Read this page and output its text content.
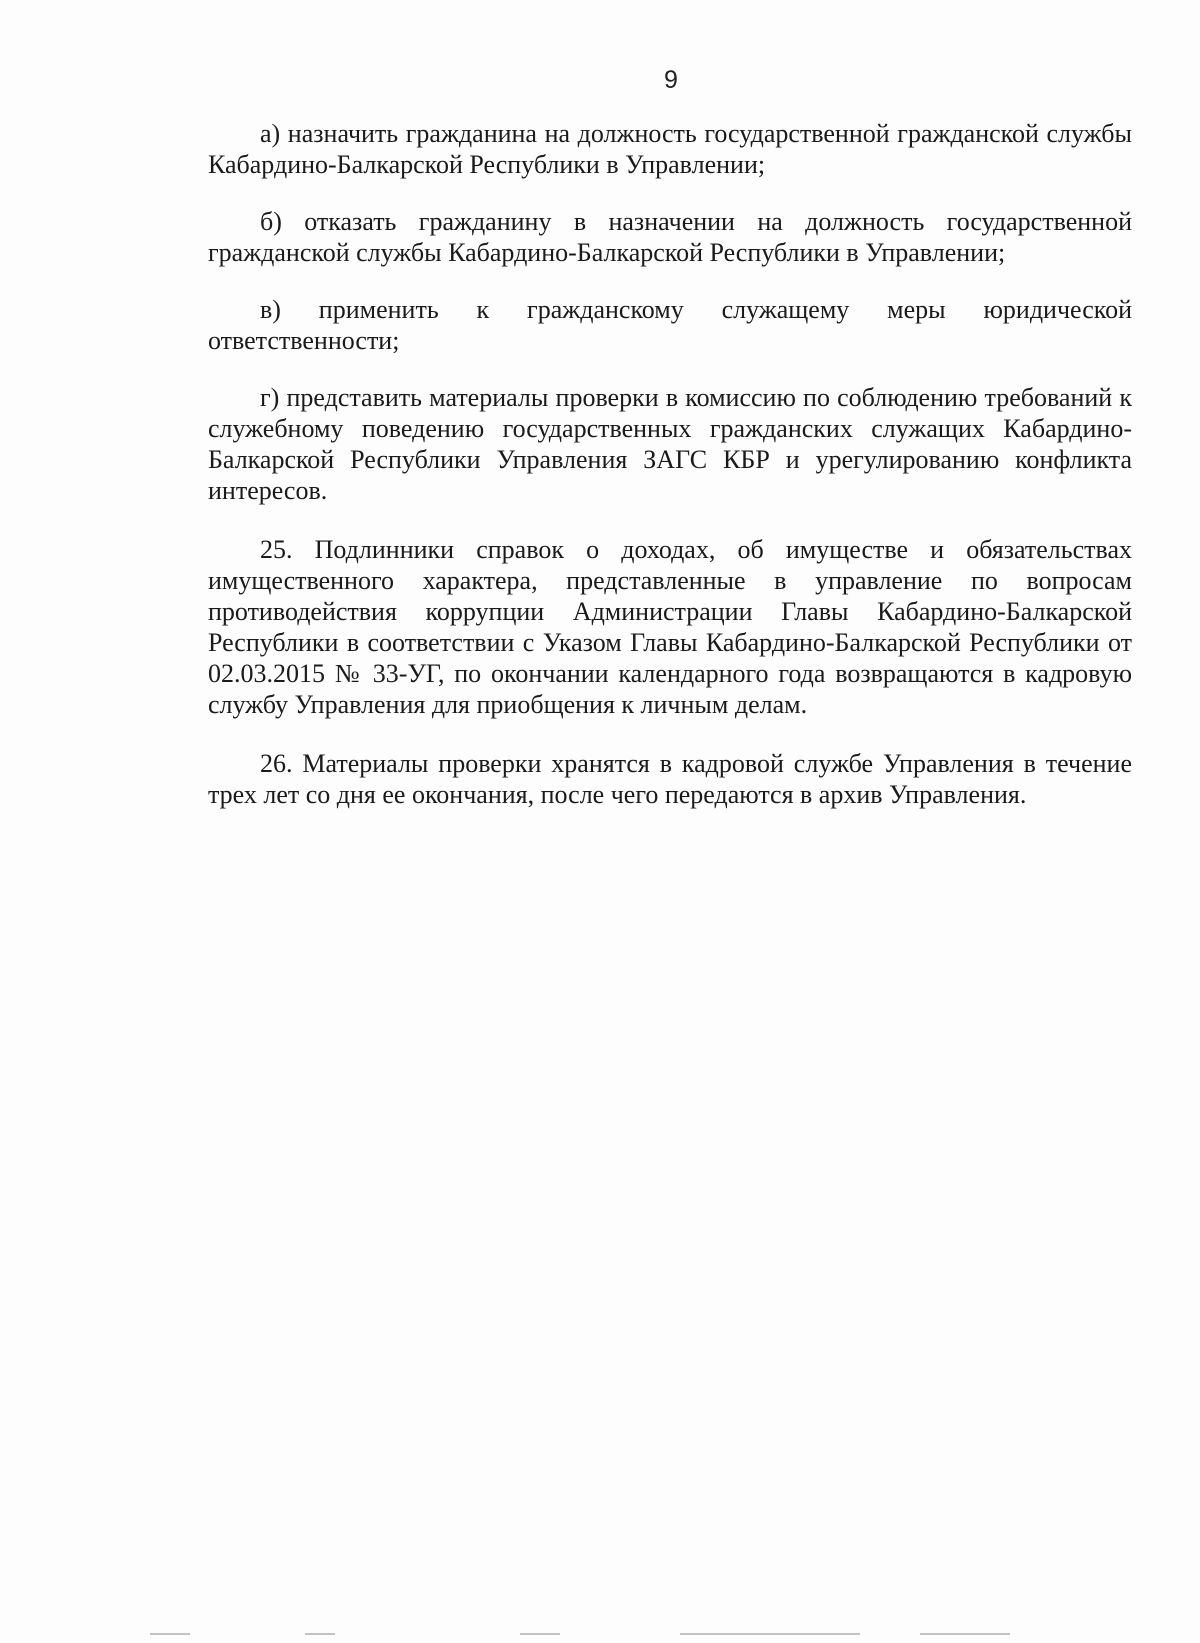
9

а) назначить гражданина на должность государственной гражданской службы Кабардино-Балкарской Республики в Управлении;

б) отказать гражданину в назначении на должность государственной гражданской службы Кабардино-Балкарской Республики в Управлении;

в) применить к гражданскому служащему меры юридической ответственности;

г) представить материалы проверки в комиссию по соблюдению требований к служебному поведению государственных гражданских служащих Кабардино-Балкарской Республики Управления ЗАГС КБР и урегулированию конфликта интересов.

25. Подлинники справок о доходах, об имуществе и обязательствах имущественного характера, представленные в управление по вопросам противодействия коррупции Администрации Главы Кабардино-Балкарской Республики в соответствии с Указом Главы Кабардино-Балкарской Республики от 02.03.2015 № 33-УГ, по окончании календарного года возвращаются в кадровую службу Управления для приобщения к личным делам.

26. Материалы проверки хранятся в кадровой службе Управления в течение трех лет со дня ее окончания, после чего передаются в архив Управления.
